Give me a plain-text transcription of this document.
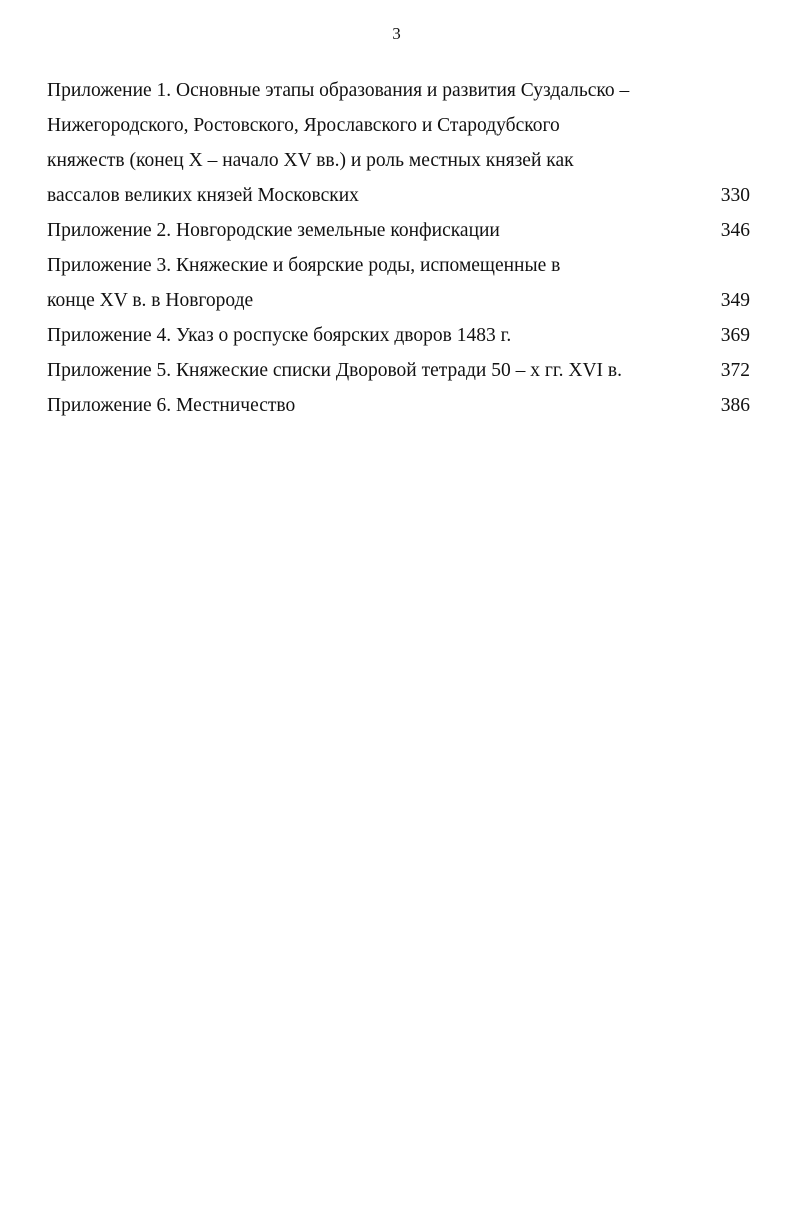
3
Приложение 1. Основные этапы образования и развития Суздальско –
Нижегородского, Ростовского, Ярославского и Стародубского
княжеств (конец X – начало XV вв.) и роль местных князей как
вассалов великих князей Московских	330
Приложение 2. Новгородские земельные конфискации	346
Приложение 3. Княжеские и боярские роды, испомещенные в
конце XV в. в Новгороде	349
Приложение 4. Указ о роспуске боярских дворов 1483 г.	369
Приложение 5. Княжеские списки Дворовой тетради 50 – х гг. XVI в.	372
Приложение 6. Местничество	386
